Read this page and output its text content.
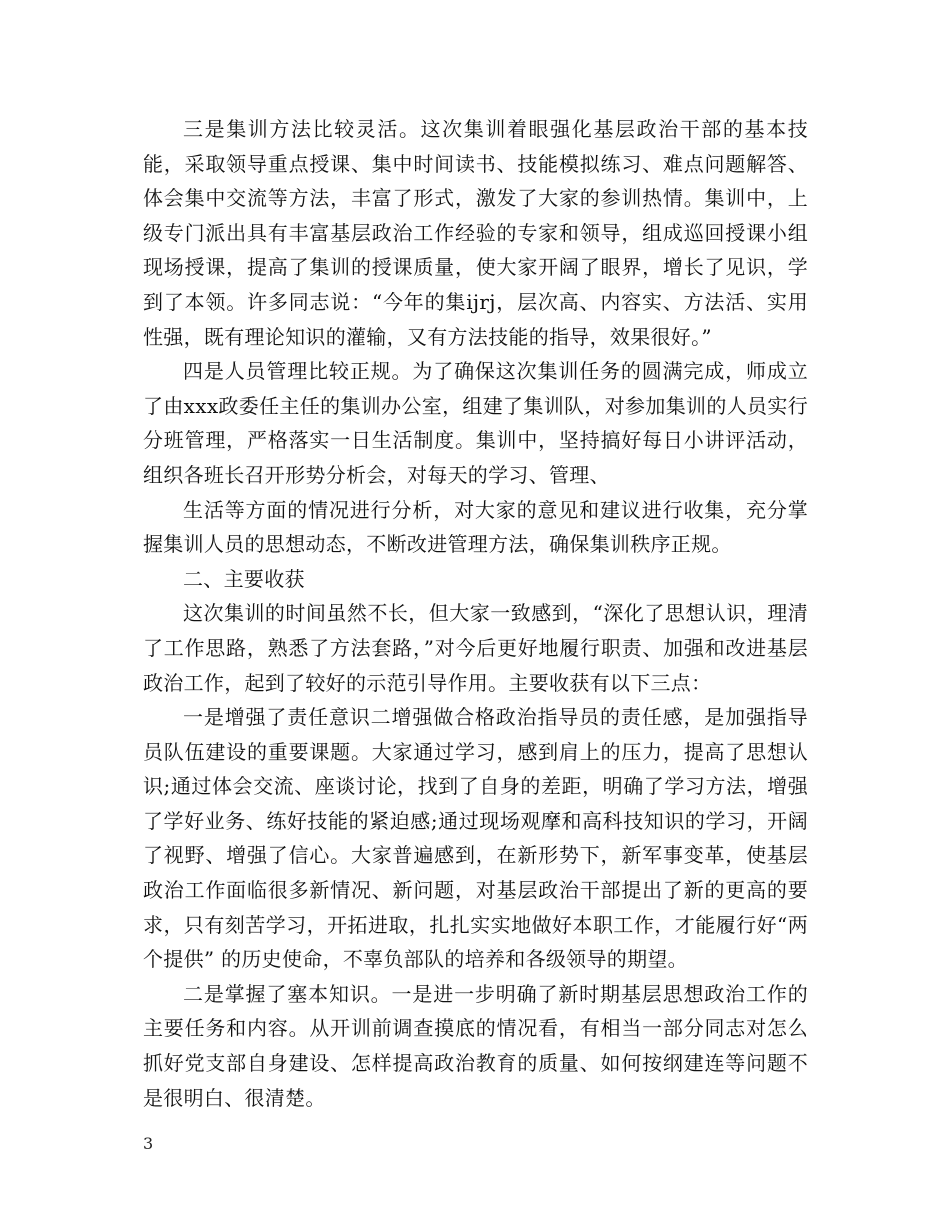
三是集训方法比较灵活。这次集训着眼强化基层政治干部的基本技能，采取领导重点授课、集中时间读书、技能模拟练习、难点问题解答、体会集中交流等方法，丰富了形式，激发了大家的参训热情。集训中，上级专门派出具有丰富基层政治工作经验的专家和领导，组成巡回授课小组现场授课，提高了集训的授课质量，使大家开阔了眼界，增长了见识，学到了本领。许多同志说：“今年的集ijrj，层次高、内容实、方法活、实用性强，既有理论知识的灌输，又有方法技能的指导，效果很好。”

四是人员管理比较正规。为了确保这次集训任务的圆满完成，师成立了由xxx政委任主任的集训办公室，组建了集训队，对参加集训的人员实行分班管理，严格落实一日生活制度。集训中，坚持搞好每日小讲评活动，组织各班长召开形势分析会，对每天的学习、管理、

生活等方面的情况进行分析，对大家的意见和建议进行收集，充分掌握集训人员的思想动态，不断改进管理方法，确保集训秩序正规。

二、主要收获

这次集训的时间虽然不长，但大家一致感到，“深化了思想认识，理清了工作思路，熟悉了方法套路，”对今后更好地履行职责、加强和改进基层政治工作，起到了较好的示范引导作用。主要收获有以下三点：

一是增强了责任意识二增强做合格政治指导员的责任感，是加强指导员队伍建设的重要课题。大家通过学习，感到肩上的压力，提高了思想认识;通过体会交流、座谈讨论，找到了自身的差距，明确了学习方法，增强了学好业务、练好技能的紧迫感;通过现场观摩和高科技知识的学习，开阔了视野、增强了信心。大家普遍感到，在新形势下，新军事变革，使基层政治工作面临很多新情况、新问题，对基层政治干部提出了新的更高的要求，只有刻苦学习，开拓进取，扎扎实实地做好本职工作，才能履行好“两个提供” 的历史使命，不辜负部队的培养和各级领导的期望。

二是掌握了塞本知识。一是进一步明确了新时期基层思想政治工作的主要任务和内容。从开训前调查摸底的情况看，有相当一部分同志对怎么抓好党支部自身建设、怎样提高政治教育的质量、如何按纲建连等问题不是很明白、很清楚。

3
